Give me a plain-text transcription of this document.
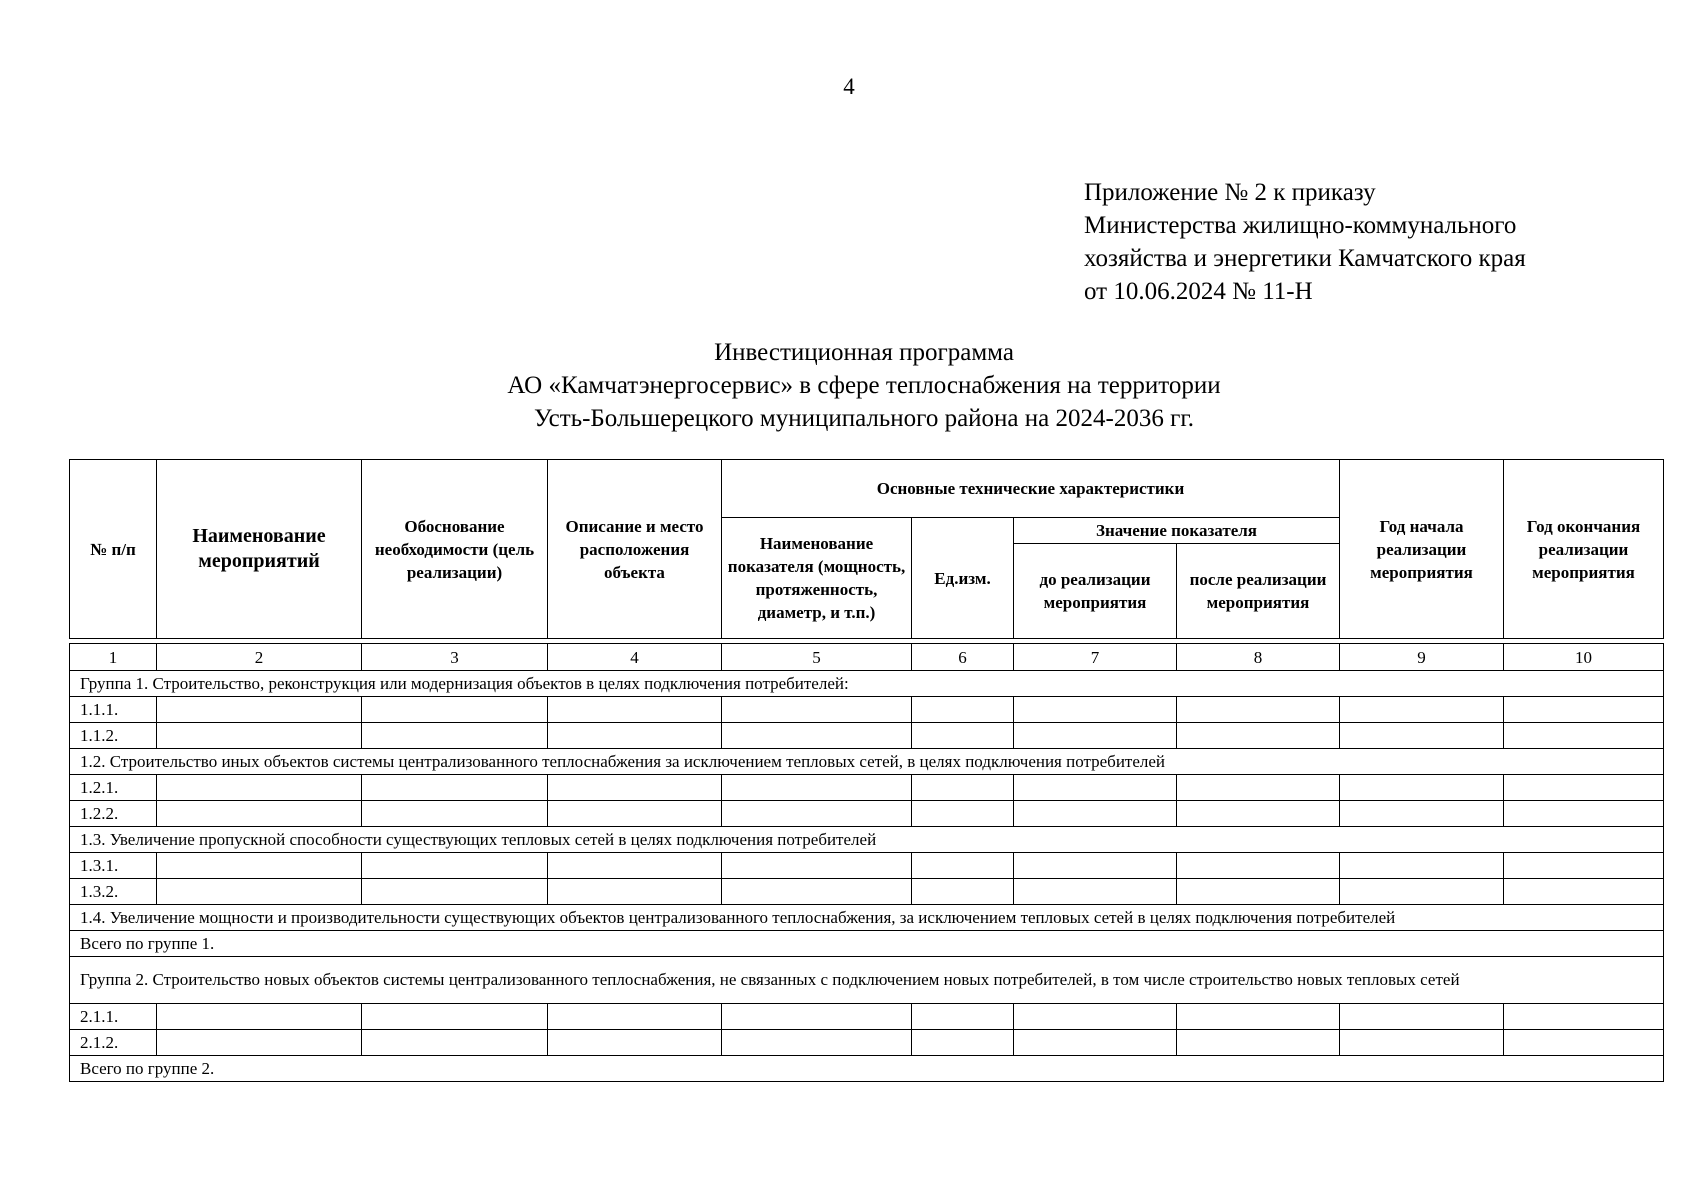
4
Приложение № 2 к приказу
Министерства жилищно-коммунального
хозяйства и энергетики Камчатского края
от 10.06.2024 № 11-Н
Инвестиционная программа
АО «Камчатэнергосервис» в сфере теплоснабжения на территории
Усть-Большерецкого муниципального района на 2024-2036 гг.
№ п/п	Наименование мероприятий	Обоснование необходимости (цель реализации)	Описание и место расположения объекта	Основные технические характеристики				Год начала реализации мероприятия	Год окончания реализации мероприятия
				Наименование показателя (мощность, протяженность, диаметр, и т.п.)	Ед.изм.	Значение показателя			
						до реализации мероприятия	после реализации мероприятия		

1	2	3	4	5	6	7	8	9	10
Группа 1. Строительство, реконструкция или модернизация объектов в целях подключения потребителей:									
1.1.1.									
1.1.2.									
1.2. Строительство иных объектов системы централизованного теплоснабжения за исключением тепловых сетей, в целях подключения потребителей									
1.2.1.									
1.2.2.									
1.3. Увеличение пропускной способности существующих тепловых сетей в целях подключения потребителей									
1.3.1.									
1.3.2.									
1.4. Увеличение мощности и производительности существующих объектов централизованного теплоснабжения, за исключением тепловых сетей в целях подключения потребителей									
Всего по группе 1.									
Группа 2. Строительство новых объектов системы централизованного теплоснабжения, не связанных с подключением новых потребителей, в том числе строительство новых тепловых сетей									
2.1.1.									
2.1.2.									
Всего по группе 2.									
